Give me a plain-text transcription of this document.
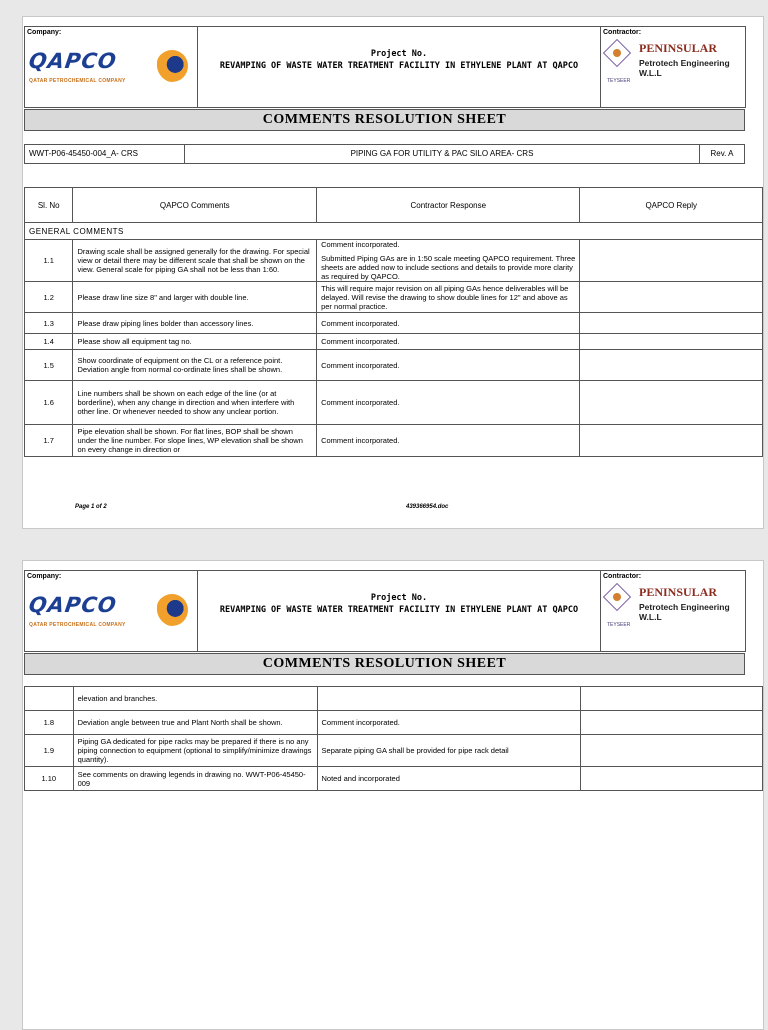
Company:
QAPCO
QATAR PETROCHEMICAL COMPANY
Project No.
REVAMPING OF WASTE WATER TREATMENT FACILITY IN ETHYLENE PLANT AT QAPCO
Contractor:
TEYSEER
PENINSULAR
Petrotech Engineering W.L.L
COMMENTS RESOLUTION SHEET
WWT-P06-45450-004_A- CRS	PIPING GA FOR UTILITY & PAC SILO AREA- CRS	Rev. A
Sl. No	QAPCO Comments	Contractor Response	QAPCO Reply
GENERAL COMMENTS			
1.1	Drawing scale shall be assigned generally for the drawing. For special view or detail there may be different scale that shall be shown on the view. General scale for piping GA shall not be less than 1:60.	Comment incorporated.

Submitted Piping GAs are in 1:50 scale meeting QAPCO requirement. Three sheets are added now to include sections and details to provide more clarity as required by QAPCO.	

1.2	Please draw line size 8" and larger with double line.	This will require major revision on all piping GAs hence deliverables will be delayed. Will revise the drawing to show double lines for 12" and above as per normal practice.	

1.3	Please draw piping lines bolder than accessory lines.	Comment incorporated.	

1.4	Please show all equipment tag no.	Comment incorporated.	

1.5	Show coordinate of equipment on the CL or a reference point. Deviation angle from normal co-ordinate lines shall be shown.	Comment incorporated.	

1.6	Line numbers shall be shown on each edge of the line (or at borderline), when any change in direction and when interfere with other line. Or whenever needed to show any unclear portion.	Comment incorporated.	

1.7	Pipe elevation shall be shown. For flat lines, BOP shall be shown under the line number. For slope lines, WP elevation shall be shown on every change in direction or	Comment incorporated.	

Page 1 of 2	439366954.doc
Company:
QAPCO
QATAR PETROCHEMICAL COMPANY
Project No.
REVAMPING OF WASTE WATER TREATMENT FACILITY IN ETHYLENE PLANT AT QAPCO
Contractor:
TEYSEER
PENINSULAR
Petrotech Engineering W.L.L
COMMENTS RESOLUTION SHEET
	elevation and branches.	

1.8	Deviation angle between true and Plant North shall be shown.	Comment incorporated.	

1.9	Piping GA dedicated for pipe racks may be prepared if there is no any piping connection to equipment (optional to simplify/minimize drawings quantity).	Separate piping GA shall be provided for pipe rack detail	

1.10	See comments on drawing legends in drawing no. WWT-P06-45450-009	Noted and incorporated	
